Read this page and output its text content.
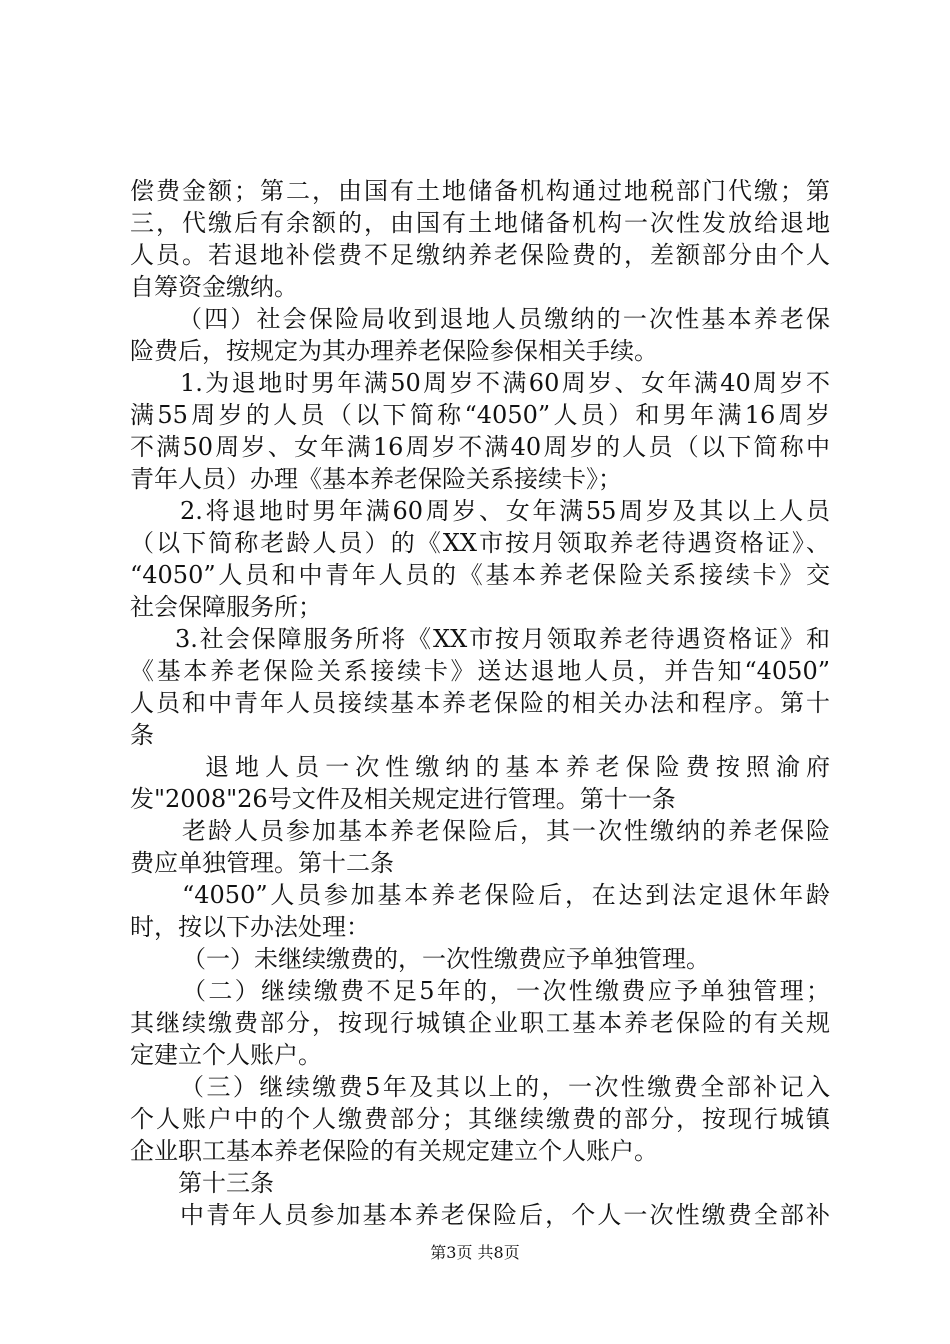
偿费金额；第二，由国有土地储备机构通过地税部门代缴；第
三，代缴后有余额的，由国有土地储备机构一次性发放给退地
人员。若退地补偿费不足缴纳养老保险费的，差额部分由个人
自筹资金缴纳。
（四）社会保险局收到退地人员缴纳的一次性基本养老保
险费后，按规定为其办理养老保险参保相关手续。
1.为退地时男年满50周岁不满60周岁、女年满40周岁不
满55周岁的人员（以下简称“4050”人员）和男年满16周岁
不满50周岁、女年满16周岁不满40周岁的人员（以下简称中
青年人员）办理《基本养老保险关系接续卡》；
2.将退地时男年满60周岁、女年满55周岁及其以上人员
（以下简称老龄人员）的《XX市按月领取养老待遇资格证》、
“4050”人员和中青年人员的《基本养老保险关系接续卡》交
社会保障服务所；
3.社会保障服务所将《XX市按月领取养老待遇资格证》和
《基本养老保险关系接续卡》送达退地人员，并告知“4050”
人员和中青年人员接续基本养老保险的相关办法和程序。第十
条
退地人员一次性缴纳的基本养老保险费按照渝府
发"2008"26号文件及相关规定进行管理。第十一条
老龄人员参加基本养老保险后，其一次性缴纳的养老保险
费应单独管理。第十二条
“4050”人员参加基本养老保险后，在达到法定退休年龄
时，按以下办法处理：
（一）未继续缴费的，一次性缴费应予单独管理。
（二）继续缴费不足5年的，一次性缴费应予单独管理；
其继续缴费部分，按现行城镇企业职工基本养老保险的有关规
定建立个人账户。
（三）继续缴费5年及其以上的，一次性缴费全部补记入
个人账户中的个人缴费部分；其继续缴费的部分，按现行城镇
企业职工基本养老保险的有关规定建立个人账户。
第十三条
中青年人员参加基本养老保险后，个人一次性缴费全部补
第3页 共8页
